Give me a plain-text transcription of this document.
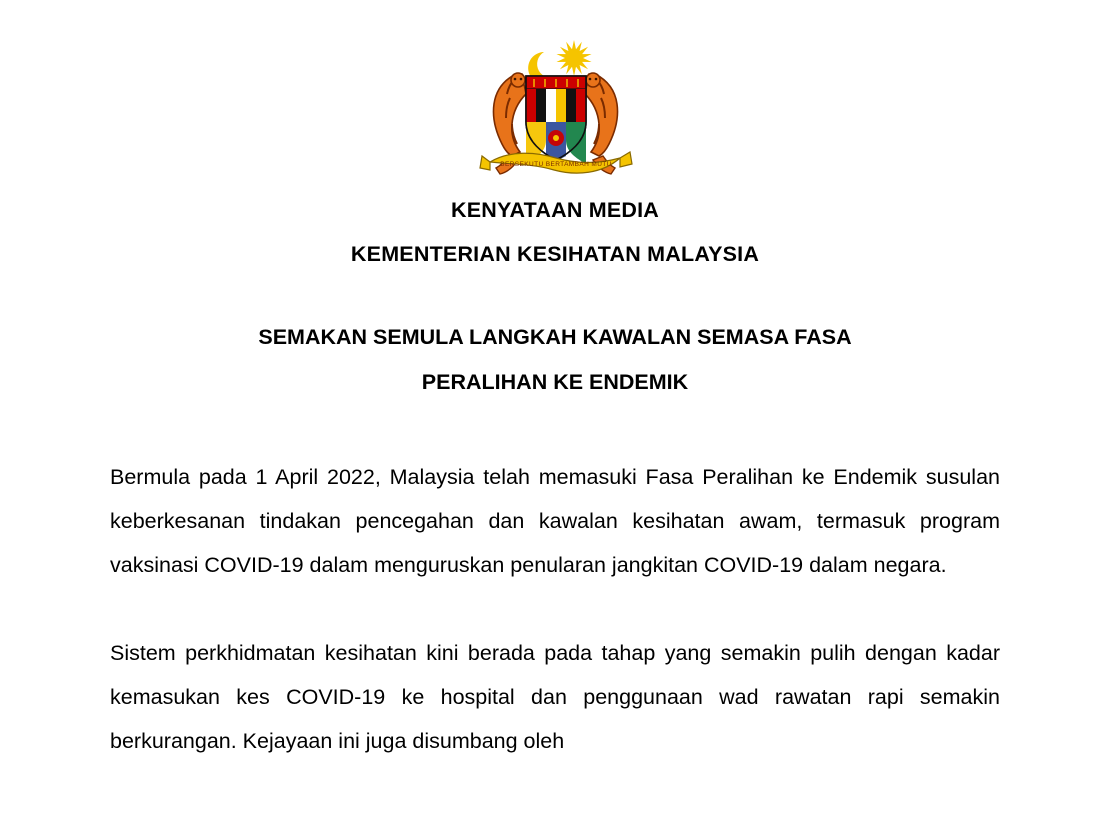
BERSEKUTU BERTAMBAH MUTU
KENYATAAN MEDIA
KEMENTERIAN KESIHATAN MALAYSIA
SEMAKAN SEMULA LANGKAH KAWALAN SEMASA FASA
PERALIHAN KE ENDEMIK

Bermula pada 1 April 2022, Malaysia telah memasuki Fasa Peralihan ke Endemik susulan keberkesanan tindakan pencegahan dan kawalan kesihatan awam, termasuk program vaksinasi COVID-19 dalam menguruskan penularan jangkitan COVID-19 dalam negara.

Sistem perkhidmatan kesihatan kini berada pada tahap yang semakin pulih dengan kadar kemasukan kes COVID-19 ke hospital dan penggunaan wad rawatan rapi semakin berkurangan. Kejayaan ini juga disumbang oleh
